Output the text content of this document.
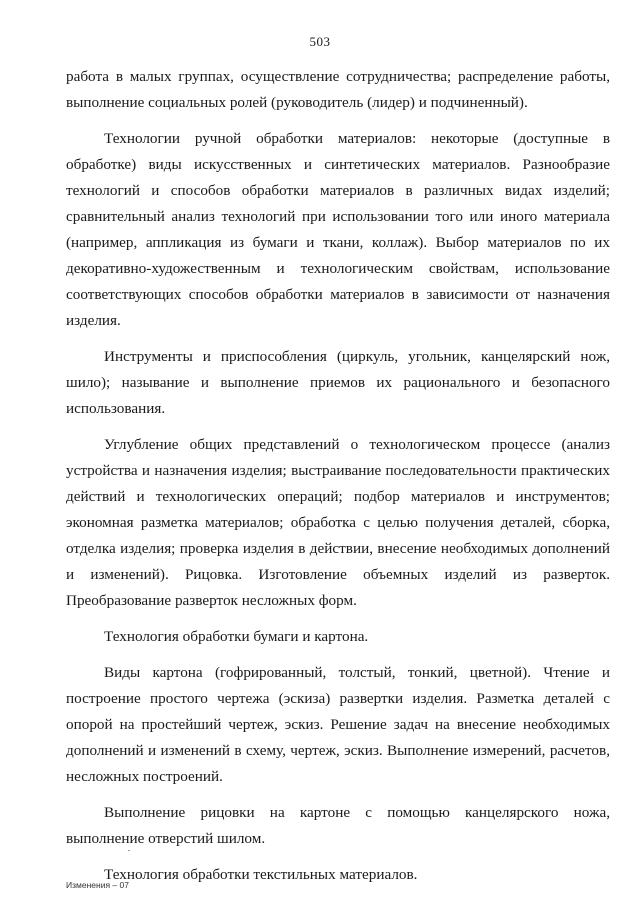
503

работа в малых группах, осуществление сотрудничества; распределение работы, выполнение социальных ролей (руководитель (лидер) и подчиненный).

Технологии ручной обработки материалов: некоторые (доступные в обработке) виды искусственных и синтетических материалов. Разнообразие технологий и способов обработки материалов в различных видах изделий; сравнительный анализ технологий при использовании того или иного материала (например, аппликация из бумаги и ткани, коллаж). Выбор материалов по их декоративно-художественным и технологическим свойствам, использование соответствующих способов обработки материалов в зависимости от назначения изделия.

Инструменты и приспособления (циркуль, угольник, канцелярский нож, шило); называние и выполнение приемов их рационального и безопасного использования.

Углубление общих представлений о технологическом процессе (анализ устройства и назначения изделия; выстраивание последовательности практических действий и технологических операций; подбор материалов и инструментов; экономная разметка материалов; обработка с целью получения деталей, сборка, отделка изделия; проверка изделия в действии, внесение необходимых дополнений и изменений). Рицовка. Изготовление объемных изделий из разверток. Преобразование разверток несложных форм.

Технология обработки бумаги и картона.

Виды картона (гофрированный, толстый, тонкий, цветной). Чтение и построение простого чертежа (эскиза) развертки изделия. Разметка деталей с опорой на простейший чертеж, эскиз. Решение задач на внесение необходимых дополнений и изменений в схему, чертеж, эскиз. Выполнение измерений, расчетов, несложных построений.

Выполнение рицовки на картоне с помощью канцелярского ножа, выполнение отверстий шилом.

Технология обработки текстильных материалов.

Изменения – 07
